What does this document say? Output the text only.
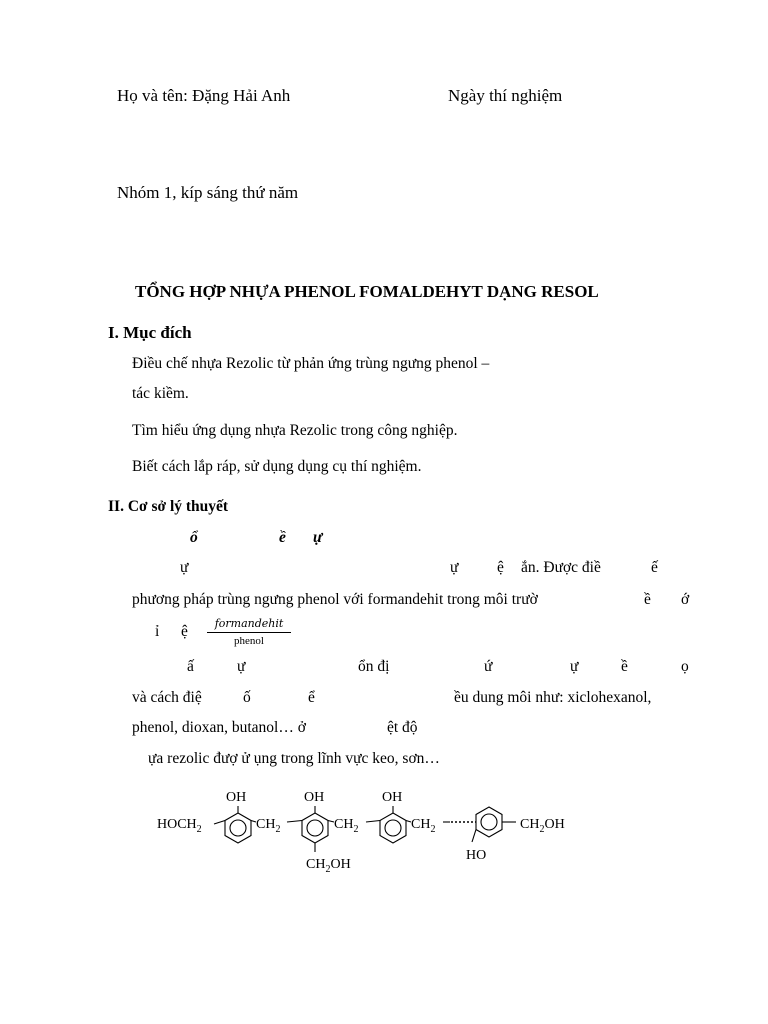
Họ và tên: Đặng Hải Anh	Ngày thí nghiệm
Nhóm 1, kíp sáng thứ năm
TỔNG HỢP NHỰA PHENOL FOMALDEHYT DẠNG RESOL
I. Mục đích
Điều chế nhựa Rezolic từ phản ứng trùng ngưng phenol –
tác kiềm.
Tìm hiểu ứng dụng nhựa Rezolic trong công nghiệp.
Biết cách lắp ráp, sử dụng dụng cụ thí nghiệm.
II. Cơ sở lý thuyết
ổ	ề ự
ự	ự ệ ắn. Được điề	ế
phương pháp trùng ngưng phenol với formandehit trong môi trườ	ề ớ
ỉ ệ	formandehit
phenol
ấ	ự	ổn đị	ứ	ự	ề	ọ
và cách điệ	ố	ể	ều dung môi như: xiclohexanol,
phenol, dioxan, butanol… ở	ệt độ
ựa rezolic đượ ử ụng trong lĩnh vực keo, sơn…
$HOCH_2$
OH
$CH_2$
OH
$CH_2OH$
$CH_2$
OH
$CH_2$
HO
$CH_2OH$
